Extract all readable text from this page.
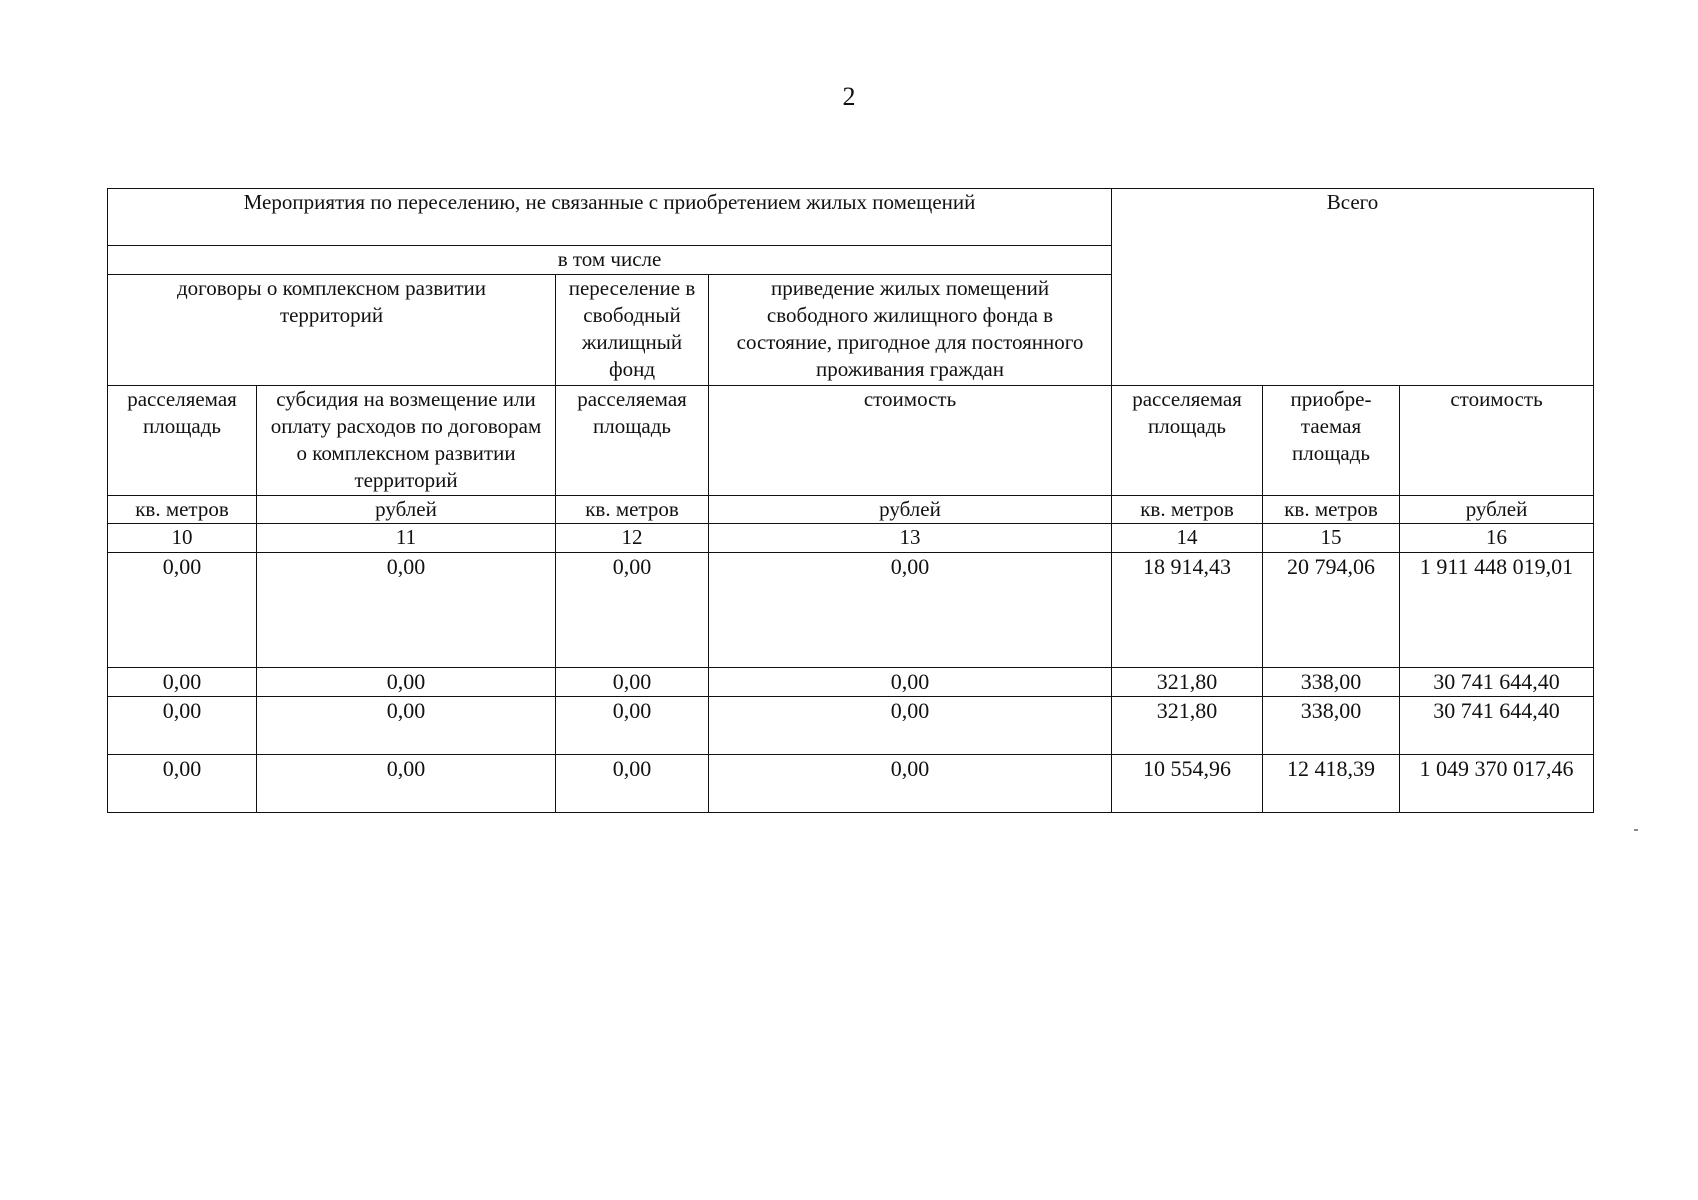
2
Мероприятия по переселению, не связанные с приобретением жилых помещений				Всего		
в том числе						
договоры о комплексном развитии территорий		переселение в свободный жилищный фонд	приведение жилых помещений свободного жилищного фонда в состояние, пригодное для постоянного проживания граждан			
расселяемая площадь	субсидия на возмещение или оплату расходов по договорам о комплексном развитии территорий	расселяемая площадь	стоимость	расселяемая площадь	приобре- таемая площадь	стоимость
кв. метров	рублей	кв. метров	рублей	кв. метров	кв. метров	рублей
10	11	12	13	14	15	16
0,00	0,00	0,00	0,00	18 914,43	20 794,06	1 911 448 019,01
0,00	0,00	0,00	0,00	321,80	338,00	30 741 644,40
0,00	0,00	0,00	0,00	321,80	338,00	30 741 644,40
0,00	0,00	0,00	0,00	10 554,96	12 418,39	1 049 370 017,46
